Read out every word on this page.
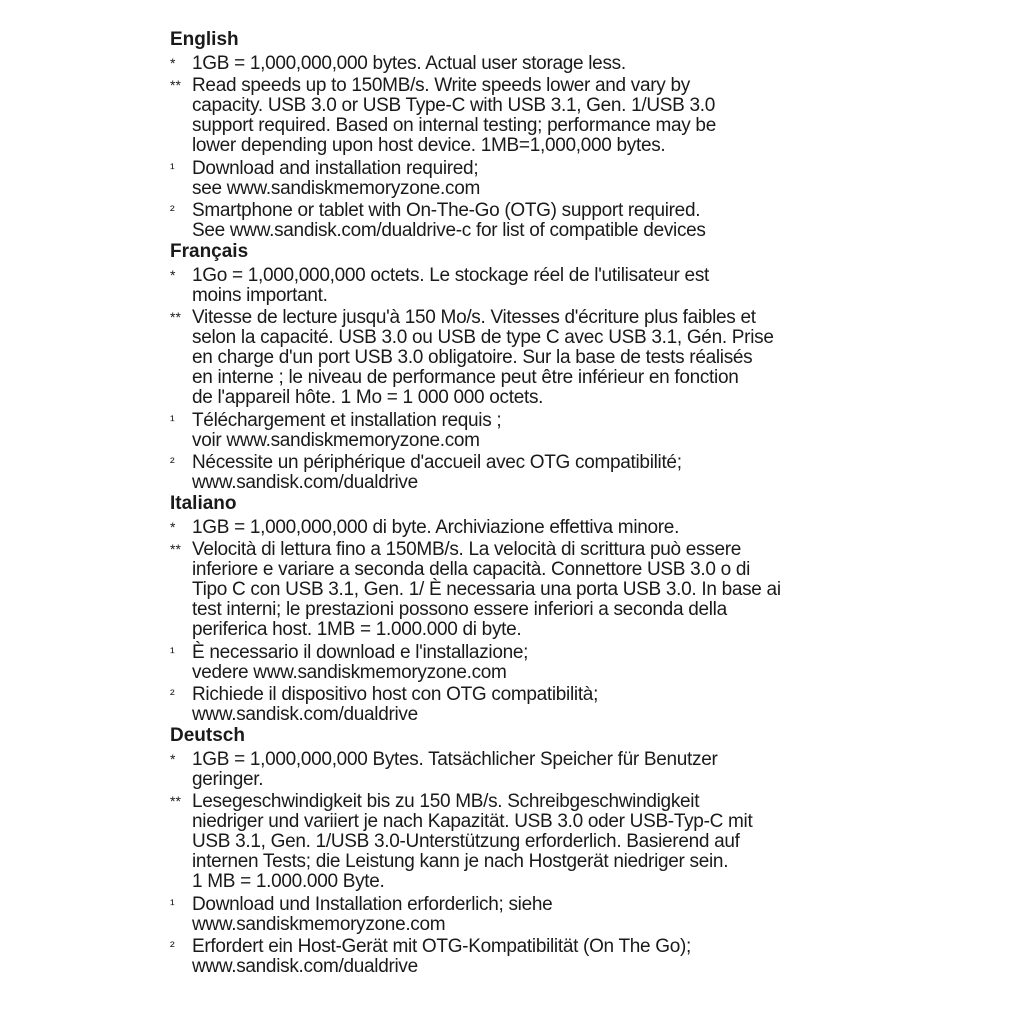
English
* 1GB = 1,000,000,000 bytes. Actual user storage less.
** Read speeds up to 150MB/s. Write speeds lower and vary by
capacity. USB 3.0 or USB Type-C with USB 3.1, Gen. 1/USB 3.0
support required. Based on internal testing; performance may be
lower depending upon host device. 1MB=1,000,000 bytes.
¹ Download and installation required;
see www.sandiskmemoryzone.com
² Smartphone or tablet with On-The-Go (OTG) support required.
See www.sandisk.com/dualdrive-c for list of compatible devices
Français
* 1Go = 1,000,000,000 octets. Le stockage réel de l'utilisateur est
moins important.
** Vitesse de lecture jusqu'à 150 Mo/s. Vitesses d'écriture plus faibles et
selon la capacité. USB 3.0 ou USB de type C avec USB 3.1, Gén. Prise
en charge d'un port USB 3.0 obligatoire. Sur la base de tests réalisés
en interne ; le niveau de performance peut être inférieur en fonction
de l'appareil hôte. 1 Mo = 1 000 000 octets.
¹ Téléchargement et installation requis ;
voir www.sandiskmemoryzone.com
² Nécessite un périphérique d'accueil avec OTG compatibilité;
www.sandisk.com/dualdrive
Italiano
* 1GB = 1,000,000,000 di byte. Archiviazione effettiva minore.
** Velocità di lettura fino a 150MB/s. La velocità di scrittura può essere
inferiore e variare a seconda della capacità. Connettore USB 3.0 o di
Tipo C con USB 3.1, Gen. 1/ È necessaria una porta USB 3.0. In base ai
test interni; le prestazioni possono essere inferiori a seconda della
periferica host. 1MB = 1.000.000 di byte.
¹ È necessario il download e l'installazione;
vedere www.sandiskmemoryzone.com
² Richiede il dispositivo host con OTG compatibilità;
www.sandisk.com/dualdrive
Deutsch
* 1GB = 1,000,000,000 Bytes. Tatsächlicher Speicher für Benutzer
geringer.
** Lesegeschwindigkeit bis zu 150 MB/s. Schreibgeschwindigkeit
niedriger und variiert je nach Kapazität. USB 3.0 oder USB-Typ-C mit
USB 3.1, Gen. 1/USB 3.0-Unterstützung erforderlich. Basierend auf
internen Tests; die Leistung kann je nach Hostgerät niedriger sein.
1 MB = 1.000.000 Byte.
¹ Download und Installation erforderlich; siehe
www.sandiskmemoryzone.com
² Erfordert ein Host-Gerät mit OTG-Kompatibilität (On The Go);
www.sandisk.com/dualdrive
